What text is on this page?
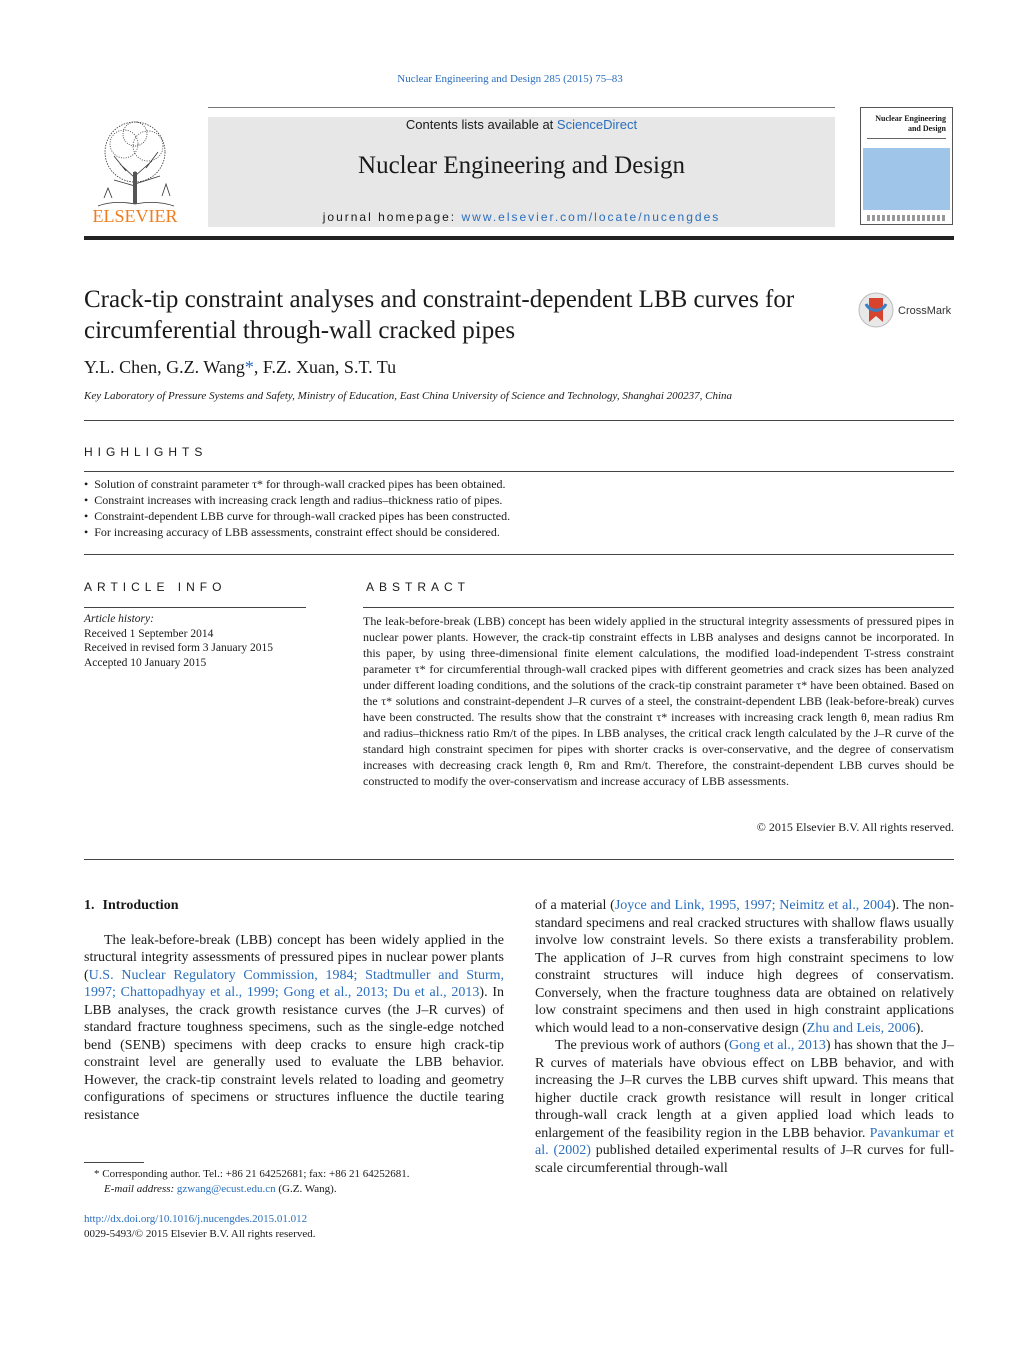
Nuclear Engineering and Design 285 (2015) 75–83
ELSEVIER
Contents lists available at ScienceDirect
Nuclear Engineering and Design
journal homepage: www.elsevier.com/locate/nucengdes
Nuclear Engineering and Design
Crack-tip constraint analyses and constraint-dependent LBB curves for circumferential through-wall cracked pipes
CrossMark
Y.L. Chen, G.Z. Wang*, F.Z. Xuan, S.T. Tu
Key Laboratory of Pressure Systems and Safety, Ministry of Education, East China University of Science and Technology, Shanghai 200237, China
HIGHLIGHTS
• Solution of constraint parameter τ* for through-wall cracked pipes has been obtained.
• Constraint increases with increasing crack length and radius–thickness ratio of pipes.
• Constraint-dependent LBB curve for through-wall cracked pipes has been constructed.
• For increasing accuracy of LBB assessments, constraint effect should be considered.
ARTICLE INFO
Article history:
Received 1 September 2014
Received in revised form 3 January 2015
Accepted 10 January 2015
ABSTRACT
The leak-before-break (LBB) concept has been widely applied in the structural integrity assessments of pressured pipes in nuclear power plants. However, the crack-tip constraint effects in LBB analyses and designs cannot be incorporated. In this paper, by using three-dimensional finite element calculations, the modified load-independent T-stress constraint parameter τ* for circumferential through-wall cracked pipes with different geometries and crack sizes has been analyzed under different loading conditions, and the solutions of the crack-tip constraint parameter τ* have been obtained. Based on the τ* solutions and constraint-dependent J–R curves of a steel, the constraint-dependent LBB (leak-before-break) curves have been constructed. The results show that the constraint τ* increases with increasing crack length θ, mean radius Rm and radius–thickness ratio Rm/t of the pipes. In LBB analyses, the critical crack length calculated by the J–R curve of the standard high constraint specimen for pipes with shorter cracks is over-conservative, and the degree of conservatism increases with decreasing crack length θ, Rm and Rm/t. Therefore, the constraint-dependent LBB curves should be constructed to modify the over-conservatism and increase accuracy of LBB assessments.
© 2015 Elsevier B.V. All rights reserved.
1. Introduction

The leak-before-break (LBB) concept has been widely applied in the structural integrity assessments of pressured pipes in nuclear power plants (U.S. Nuclear Regulatory Commission, 1984; Stadtmuller and Sturm, 1997; Chattopadhyay et al., 1999; Gong et al., 2013; Du et al., 2013). In LBB analyses, the crack growth resistance curves (the J–R curves) of standard fracture toughness specimens, such as the single-edge notched bend (SENB) specimens with deep cracks to ensure high crack-tip constraint level are generally used to evaluate the LBB behavior. However, the crack-tip constraint levels related to loading and geometry configurations of specimens or structures influence the ductile tearing resistance

of a material (Joyce and Link, 1995, 1997; Neimitz et al., 2004). The non-standard specimens and real cracked structures with shallow flaws usually involve low constraint levels. So there exists a transferability problem. The application of J–R curves from high constraint specimens to low constraint structures will induce high degrees of conservatism. Conversely, when the fracture toughness data are obtained on relatively low constraint specimens and then used in high constraint applications which would lead to a non-conservative design (Zhu and Leis, 2006).

The previous work of authors (Gong et al., 2013) has shown that the J–R curves of materials have obvious effect on LBB behavior, and with increasing the J–R curves the LBB curves shift upward. This means that higher ductile crack growth resistance will result in longer critical through-wall crack length at a given applied load which leads to enlargement of the feasibility region in the LBB behavior. Pavankumar et al. (2002) published detailed experimental results of J–R curves for full-scale circumferential through-wall

* Corresponding author. Tel.: +86 21 64252681; fax: +86 21 64252681.
E-mail address: gzwang@ecust.edu.cn (G.Z. Wang).
http://dx.doi.org/10.1016/j.nucengdes.2015.01.012
0029-5493/© 2015 Elsevier B.V. All rights reserved.
